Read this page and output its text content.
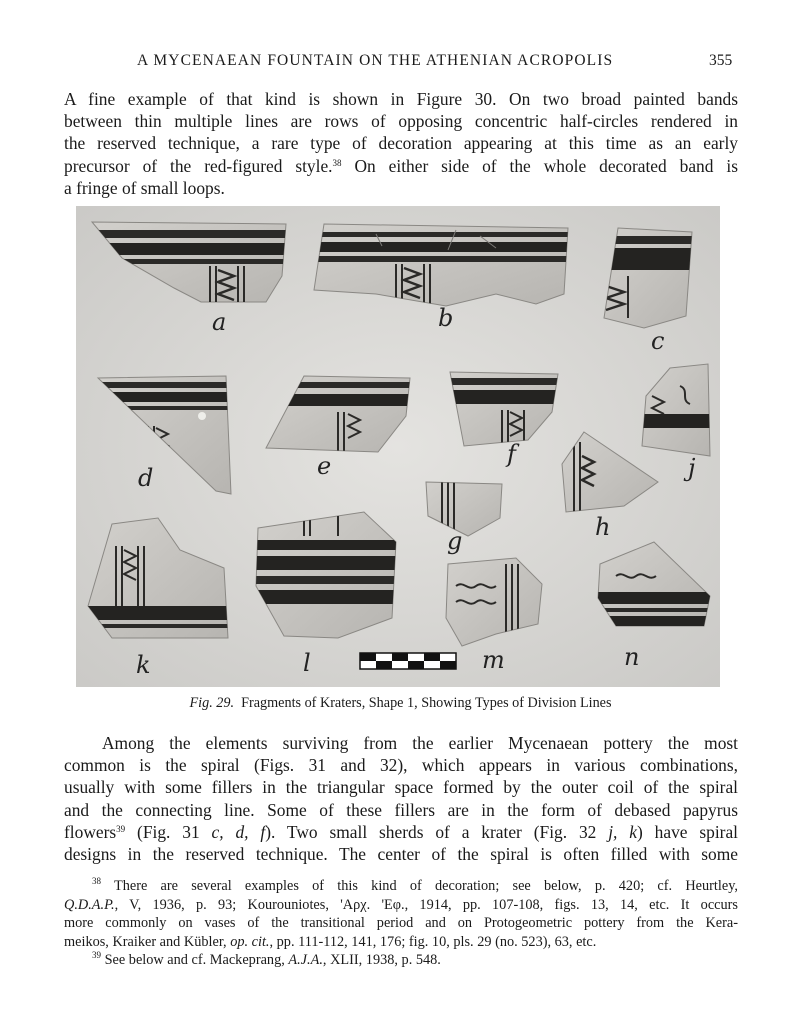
A MYCENAEAN FOUNTAIN ON THE ATHENIAN ACROPOLIS	355
A fine example of that kind is shown in Figure 30. On two broad painted bands
between thin multiple lines are rows of opposing concentric half-circles rendered in
the reserved technique, a rare type of decoration appearing at this time as an early
precursor of the red-figured style.$^{38}$ On either side of the whole decorated band is
a fringe of small loops.
a	b
c
d	e	f
g	h
j
k	l	m	n
Fig. 29.  Fragments of Kraters, Shape 1, Showing Types of Division Lines
Among the elements surviving from the earlier Mycenaean pottery the most
common is the spiral (Figs. 31 and 32), which appears in various combinations,
usually with some fillers in the triangular space formed by the outer coil of the spiral
and the connecting line. Some of these fillers are in the form of debased papyrus
flowers$^{39}$ (Fig. 31 c, d, f). Two small sherds of a krater (Fig. 32 j, k) have spiral
designs in the reserved technique. The center of the spiral is often filled with some
$^{38}$ There are several examples of this kind of decoration; see below, p. 420; cf. Heurtley,
Q.D.A.P., V, 1936, p. 93; Kourouniotes, 'Αρχ. 'Εφ., 1914, pp. 107-108, figs. 13, 14, etc. It occurs
more commonly on vases of the transitional period and on Protogeometric pottery from the Kera-
meikos, Kraiker and Kübler, op. cit., pp. 111-112, 141, 176; fig. 10, pls. 29 (no. 523), 63, etc.
$^{39}$ See below and cf. Mackeprang, A.J.A., XLII, 1938, p. 548.
